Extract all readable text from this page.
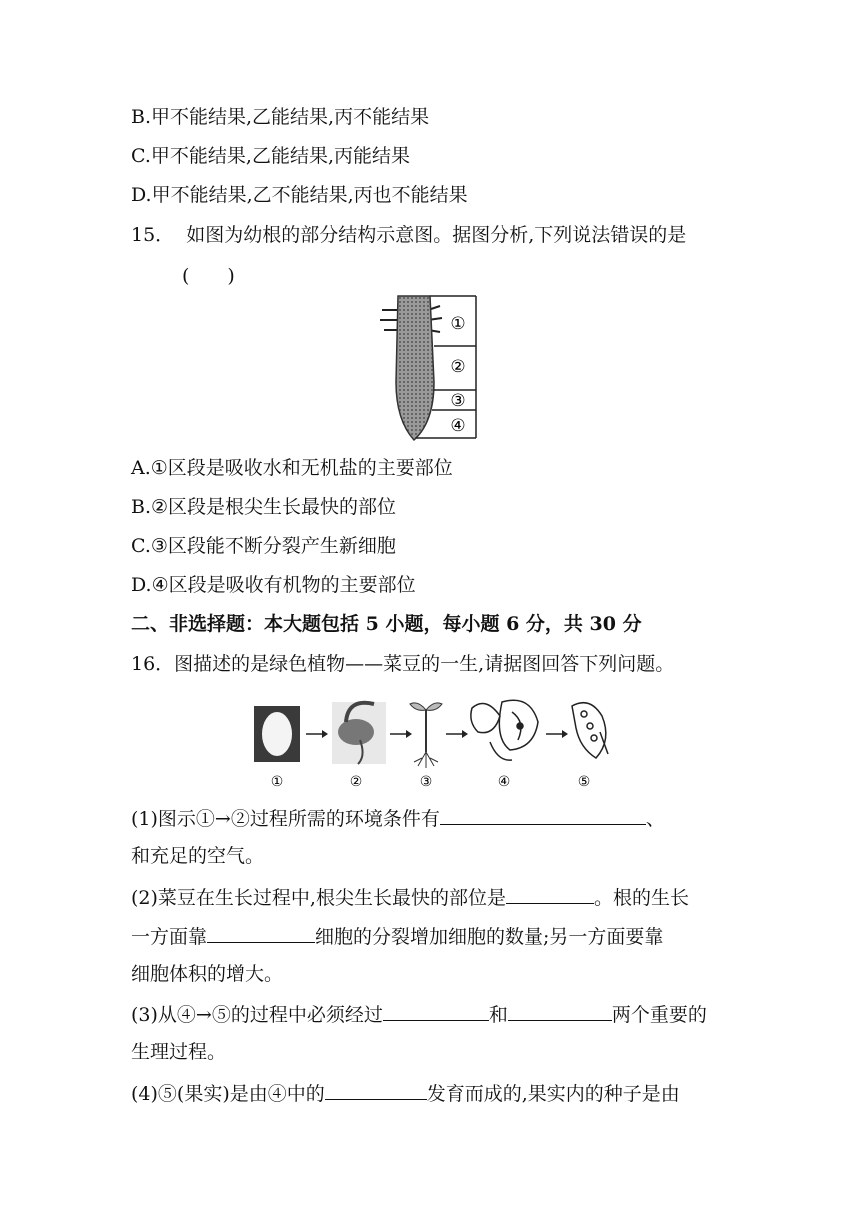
B.甲不能结果,乙能结果,丙不能结果
C.甲不能结果,乙能结果,丙能结果
D.甲不能结果,乙不能结果,丙也不能结果
15． 如图为幼根的部分结构示意图。据图分析,下列说法错误的是
(　　)
①
②
③
④
A.①区段是吸收水和无机盐的主要部位
B.②区段是根尖生长最快的部位
C.③区段能不断分裂产生新细胞
D.④区段是吸收有机物的主要部位
二、非选择题：本大题包括 5 小题，每小题 6 分，共 30 分
16．图描述的是绿色植物——菜豆的一生,请据图回答下列问题。
①	②	③	④	⑤
(1)图示①→②过程所需的环境条件有	、
和充足的空气。
(2)菜豆在生长过程中,根尖生长最快的部位是	。根的生长
一方面靠	细胞的分裂增加细胞的数量;另一方面要靠
细胞体积的增大。
(3)从④→⑤的过程中必须经过	和	两个重要的
生理过程。
(4)⑤(果实)是由④中的	发育而成的,果实内的种子是由
